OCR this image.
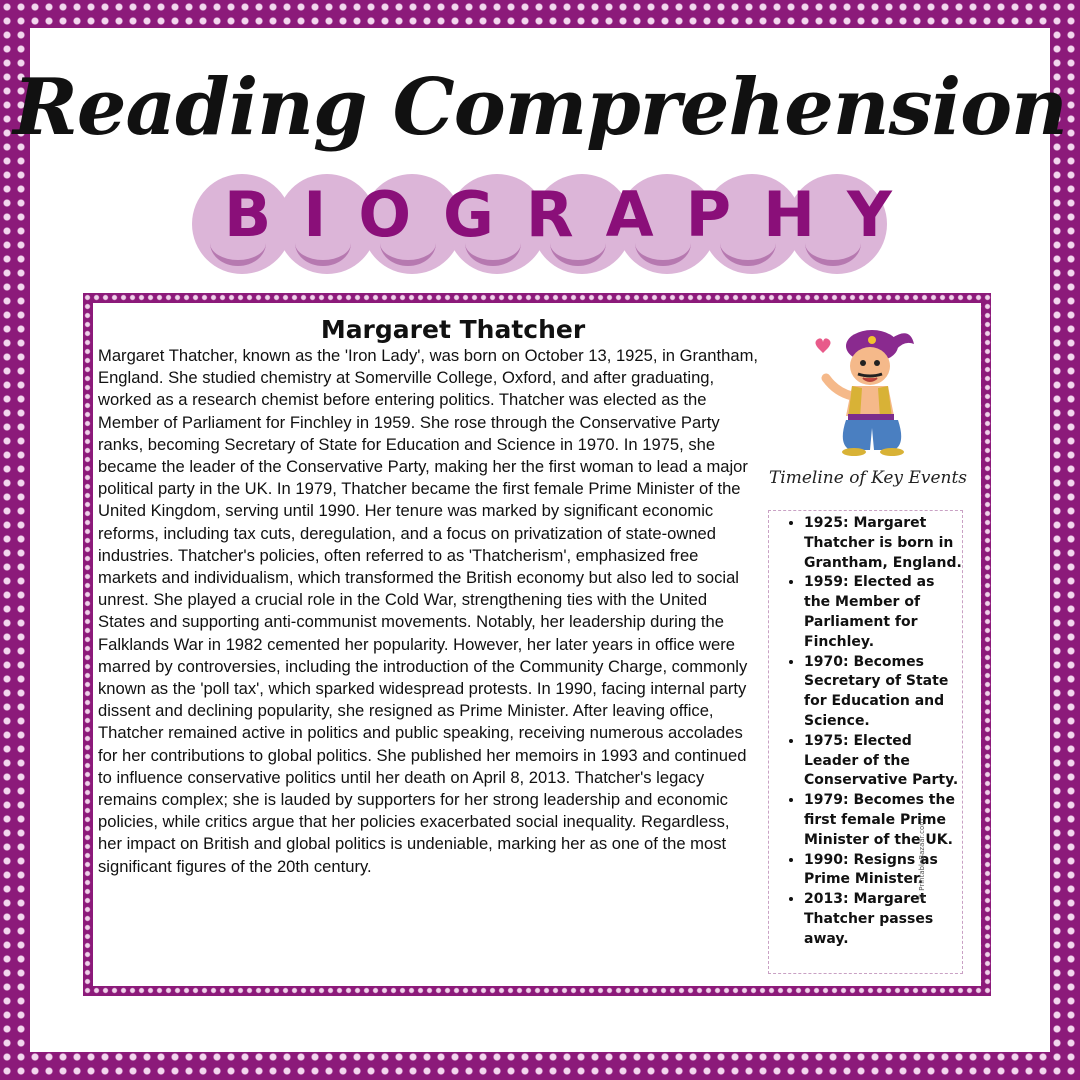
Reading Comprehension
BIOGRAPHY
Margaret Thatcher

Margaret Thatcher, known as the 'Iron Lady', was born on October 13, 1925, in Grantham, England. She studied chemistry at Somerville College, Oxford, and after graduating, worked as a research chemist before entering politics. Thatcher was elected as the Member of Parliament for Finchley in 1959. She rose through the Conservative Party ranks, becoming Secretary of State for Education and Science in 1970. In 1975, she became the leader of the Conservative Party, making her the first woman to lead a major political party in the UK. In 1979, Thatcher became the first female Prime Minister of the United Kingdom, serving until 1990. Her tenure was marked by significant economic reforms, including tax cuts, deregulation, and a focus on privatization of state-owned industries. Thatcher's policies, often referred to as 'Thatcherism', emphasized free markets and individualism, which transformed the British economy but also led to social unrest. She played a crucial role in the Cold War, strengthening ties with the United States and supporting anti-communist movements. Notably, her leadership during the Falklands War in 1982 cemented her popularity. However, her later years in office were marred by controversies, including the introduction of the Community Charge, commonly known as the 'poll tax', which sparked widespread protests. In 1990, facing internal party dissent and declining popularity, she resigned as Prime Minister. After leaving office, Thatcher remained active in politics and public speaking, receiving numerous accolades for her contributions to global politics. She published her memoirs in 1993 and continued to influence conservative politics until her death on April 8, 2013. Thatcher's legacy remains complex; she is lauded by supporters for her strong leadership and economic policies, while critics argue that her policies exacerbated social inequality. Regardless, her impact on British and global politics is undeniable, marking her as one of the most significant figures of the 20th century.

Timeline of Key Events
• 1925: Margaret Thatcher is born in Grantham, England.
• 1959: Elected as the Member of Parliament for Finchley.
• 1970: Becomes Secretary of State for Education and Science.
• 1975: Elected Leader of the Conservative Party.
• 1979: Becomes the first female Prime Minister of the UK.
• 1990: Resigns as Prime Minister.
• 2013: Margaret Thatcher passes away.
© PrintableBazaar.com
